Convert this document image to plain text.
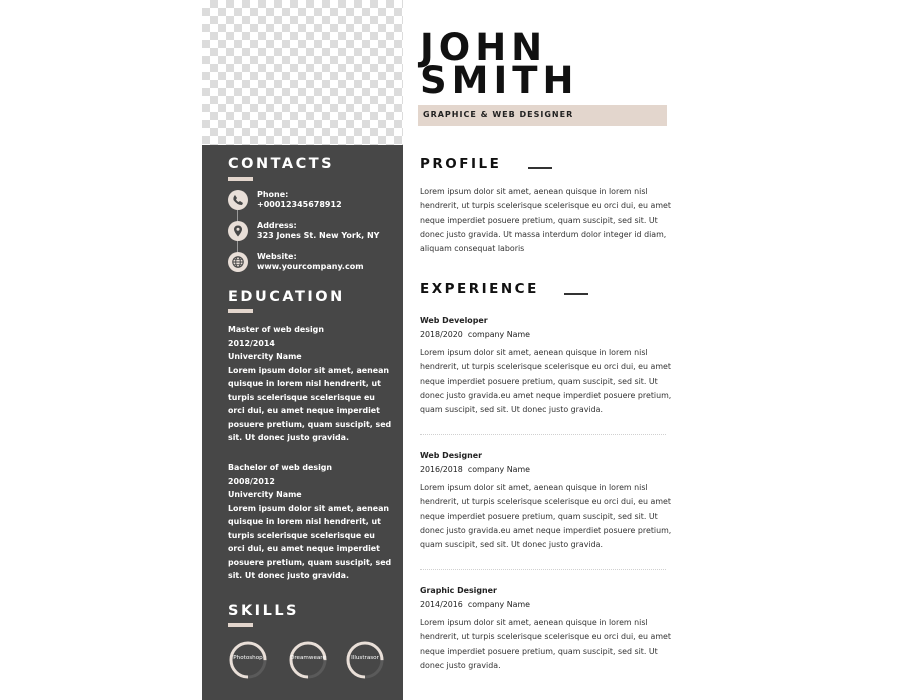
CONTACTS
Phone:
+00012345678912
Address:
323 Jones St. New York, NY
Website:
www.yourcompany.com
EDUCATION
Master of web design
2012/2014
Univercity Name
Lorem ipsum dolor sit amet, aenean quisque in lorem nisl hendrerit, ut turpis scelerisque scelerisque eu orci dui, eu amet neque imperdiet posuere pretium, quam suscipit, sed sit. Ut donec justo gravida.
Bachelor of web design
2008/2012
Univercity Name
Lorem ipsum dolor sit amet, aenean quisque in lorem nisl hendrerit, ut turpis scelerisque scelerisque eu orci dui, eu amet neque imperdiet posuere pretium, quam suscipit, sed sit. Ut donec justo gravida.
SKILLS
Photoshop	Dreamweare	Illustrasor
JOHN
SMITH
GRAPHICE & WEB DESIGNER
PROFILE
Lorem ipsum dolor sit amet, aenean quisque in lorem nisl hendrerit, ut turpis scelerisque scelerisque eu orci dui, eu amet neque imperdiet posuere pretium, quam suscipit, sed sit. Ut donec justo gravida. Ut massa interdum dolor integer id diam, aliquam consequat laboris
EXPERIENCE
Web Developer
2018/2020 company Name
Lorem ipsum dolor sit amet, aenean quisque in lorem nisl hendrerit, ut turpis scelerisque scelerisque eu orci dui, eu amet neque imperdiet posuere pretium, quam suscipit, sed sit. Ut donec justo gravida.eu amet neque imperdiet posuere pretium, quam suscipit, sed sit. Ut donec justo gravida.
Web Designer
2016/2018 company Name
Lorem ipsum dolor sit amet, aenean quisque in lorem nisl hendrerit, ut turpis scelerisque scelerisque eu orci dui, eu amet neque imperdiet posuere pretium, quam suscipit, sed sit. Ut donec justo gravida.eu amet neque imperdiet posuere pretium, quam suscipit, sed sit. Ut donec justo gravida.
Graphic Designer
2014/2016 company Name
Lorem ipsum dolor sit amet, aenean quisque in lorem nisl hendrerit, ut turpis scelerisque scelerisque eu orci dui, eu amet neque imperdiet posuere pretium, quam suscipit, sed sit. Ut donec justo gravida.
